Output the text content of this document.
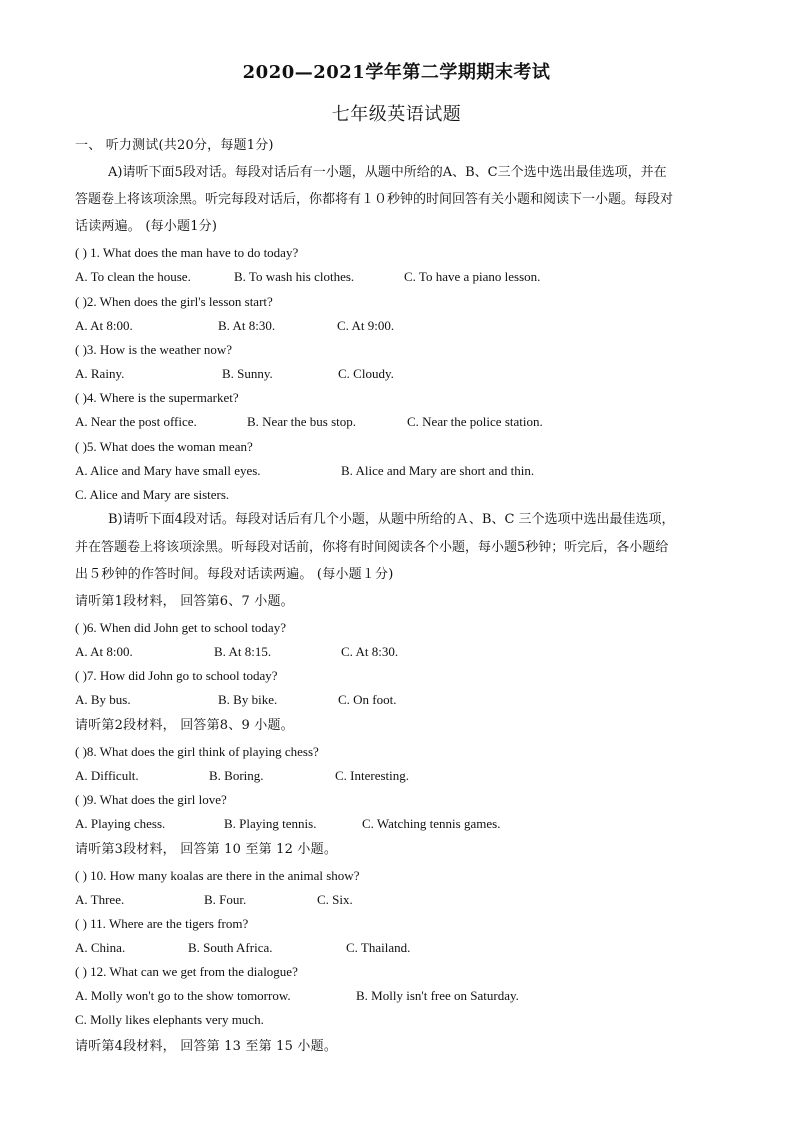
2020—2021学年第二学期期末考试
七年级英语试题
一、 听力测试(共20分，每题1分)
A)请听下面5段对话。每段对话后有一小题，从题中所给的A、B、C三个选中选出最佳选项，并在
答题卷上将该项涂黑。听完每段对话后，你都将有１０秒钟的时间回答有关小题和阅读下一小题。每段对
话读两遍。 (每小题1分)
( ) 1. What does the man have to do today?
A. To clean the house.	B. To wash his clothes.	C. To have a piano lesson.
( )2. When does the girl's lesson start?
A. At 8:00.	B. At 8:30.	C. At 9:00.
( )3. How is the weather now?
A. Rainy.	B. Sunny.	C. Cloudy.
( )4. Where is the supermarket?
A. Near the post office.	B. Near the bus stop.	C. Near the police station.
( )5. What does the woman mean?
A. Alice and Mary have small eyes.	B. Alice and Mary are short and thin.
C. Alice and Mary are sisters.
B)请听下面4段对话。每段对话后有几个小题，从题中所给的Ａ、B、C 三个选项中选出最佳选项，
并在答题卷上将该项涂黑。听每段对话前，你将有时间阅读各个小题，每小题5秒钟；听完后，各小题给
出５秒钟的作答时间。每段对话读两遍。 (每小题１分)
请听第1段材料， 回答第6、7 小题。
( )6. When did John get to school today?
A. At 8:00.	B. At 8:15.	C. At 8:30.
( )7. How did John go to school today?
A. By bus.	B. By bike.	C. On foot.
请听第2段材料， 回答第8、9 小题。
( )8. What does the girl think of playing chess?
A. Difficult.	B. Boring.	C. Interesting.
( )9. What does the girl love?
A. Playing chess.	B. Playing tennis.	C. Watching tennis games.
请听第3段材料， 回答第 10 至第 12 小题。
( ) 10. How many koalas are there in the animal show?
A. Three.	B. Four.	C. Six.
( ) 11. Where are the tigers from?
A. China.	B. South Africa.	C. Thailand.
( ) 12. What can we get from the dialogue?
A. Molly won't go to the show tomorrow.	B. Molly isn't free on Saturday.
C. Molly likes elephants very much.
请听第4段材料， 回答第 13 至第 15 小题。
